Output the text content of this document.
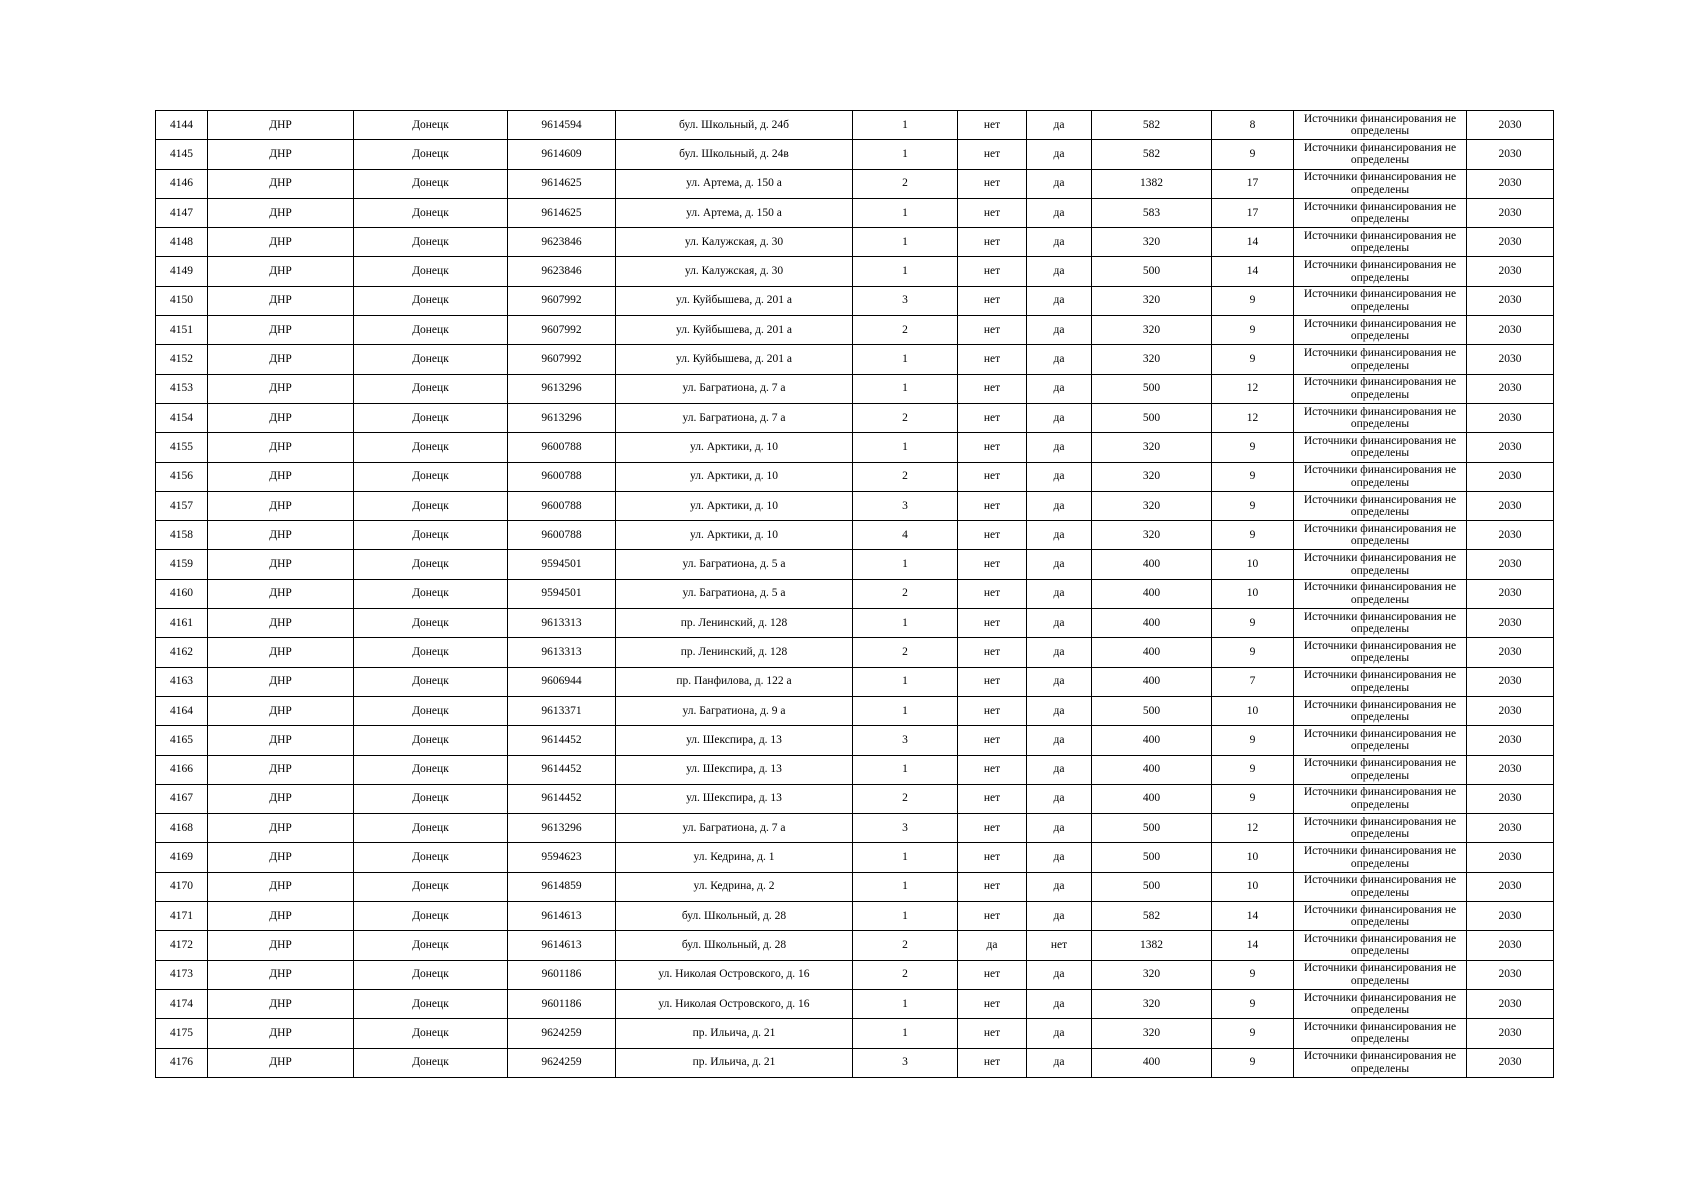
4144	ДНР	Донецк	9614594	бул. Школьный, д. 24б	1	нет	да	582	8	Источники финансирования не определены	2030
4145	ДНР	Донецк	9614609	бул. Школьный, д. 24в	1	нет	да	582	9	Источники финансирования не определены	2030
4146	ДНР	Донецк	9614625	ул. Артема, д. 150 а	2	нет	да	1382	17	Источники финансирования не определены	2030
4147	ДНР	Донецк	9614625	ул. Артема, д. 150 а	1	нет	да	583	17	Источники финансирования не определены	2030
4148	ДНР	Донецк	9623846	ул. Калужская, д. 30	1	нет	да	320	14	Источники финансирования не определены	2030
4149	ДНР	Донецк	9623846	ул. Калужская, д. 30	1	нет	да	500	14	Источники финансирования не определены	2030
4150	ДНР	Донецк	9607992	ул. Куйбышева, д. 201 а	3	нет	да	320	9	Источники финансирования не определены	2030
4151	ДНР	Донецк	9607992	ул. Куйбышева, д. 201 а	2	нет	да	320	9	Источники финансирования не определены	2030
4152	ДНР	Донецк	9607992	ул. Куйбышева, д. 201 а	1	нет	да	320	9	Источники финансирования не определены	2030
4153	ДНР	Донецк	9613296	ул. Багратиона, д. 7 а	1	нет	да	500	12	Источники финансирования не определены	2030
4154	ДНР	Донецк	9613296	ул. Багратиона, д. 7 а	2	нет	да	500	12	Источники финансирования не определены	2030
4155	ДНР	Донецк	9600788	ул. Арктики, д. 10	1	нет	да	320	9	Источники финансирования не определены	2030
4156	ДНР	Донецк	9600788	ул. Арктики, д. 10	2	нет	да	320	9	Источники финансирования не определены	2030
4157	ДНР	Донецк	9600788	ул. Арктики, д. 10	3	нет	да	320	9	Источники финансирования не определены	2030
4158	ДНР	Донецк	9600788	ул. Арктики, д. 10	4	нет	да	320	9	Источники финансирования не определены	2030
4159	ДНР	Донецк	9594501	ул. Багратиона, д. 5 а	1	нет	да	400	10	Источники финансирования не определены	2030
4160	ДНР	Донецк	9594501	ул. Багратиона, д. 5 а	2	нет	да	400	10	Источники финансирования не определены	2030
4161	ДНР	Донецк	9613313	пр. Ленинский, д. 128	1	нет	да	400	9	Источники финансирования не определены	2030
4162	ДНР	Донецк	9613313	пр. Ленинский, д. 128	2	нет	да	400	9	Источники финансирования не определены	2030
4163	ДНР	Донецк	9606944	пр. Панфилова, д. 122 а	1	нет	да	400	7	Источники финансирования не определены	2030
4164	ДНР	Донецк	9613371	ул. Багратиона, д. 9 а	1	нет	да	500	10	Источники финансирования не определены	2030
4165	ДНР	Донецк	9614452	ул. Шекспира, д. 13	3	нет	да	400	9	Источники финансирования не определены	2030
4166	ДНР	Донецк	9614452	ул. Шекспира, д. 13	1	нет	да	400	9	Источники финансирования не определены	2030
4167	ДНР	Донецк	9614452	ул. Шекспира, д. 13	2	нет	да	400	9	Источники финансирования не определены	2030
4168	ДНР	Донецк	9613296	ул. Багратиона, д. 7 а	3	нет	да	500	12	Источники финансирования не определены	2030
4169	ДНР	Донецк	9594623	ул. Кедрина, д. 1	1	нет	да	500	10	Источники финансирования не определены	2030
4170	ДНР	Донецк	9614859	ул. Кедрина, д. 2	1	нет	да	500	10	Источники финансирования не определены	2030
4171	ДНР	Донецк	9614613	бул. Школьный, д. 28	1	нет	да	582	14	Источники финансирования не определены	2030
4172	ДНР	Донецк	9614613	бул. Школьный, д. 28	2	да	нет	1382	14	Источники финансирования не определены	2030
4173	ДНР	Донецк	9601186	ул. Николая Островского, д. 16	2	нет	да	320	9	Источники финансирования не определены	2030
4174	ДНР	Донецк	9601186	ул. Николая Островского, д. 16	1	нет	да	320	9	Источники финансирования не определены	2030
4175	ДНР	Донецк	9624259	пр. Ильича, д. 21	1	нет	да	320	9	Источники финансирования не определены	2030
4176	ДНР	Донецк	9624259	пр. Ильича, д. 21	3	нет	да	400	9	Источники финансирования не определены	2030
